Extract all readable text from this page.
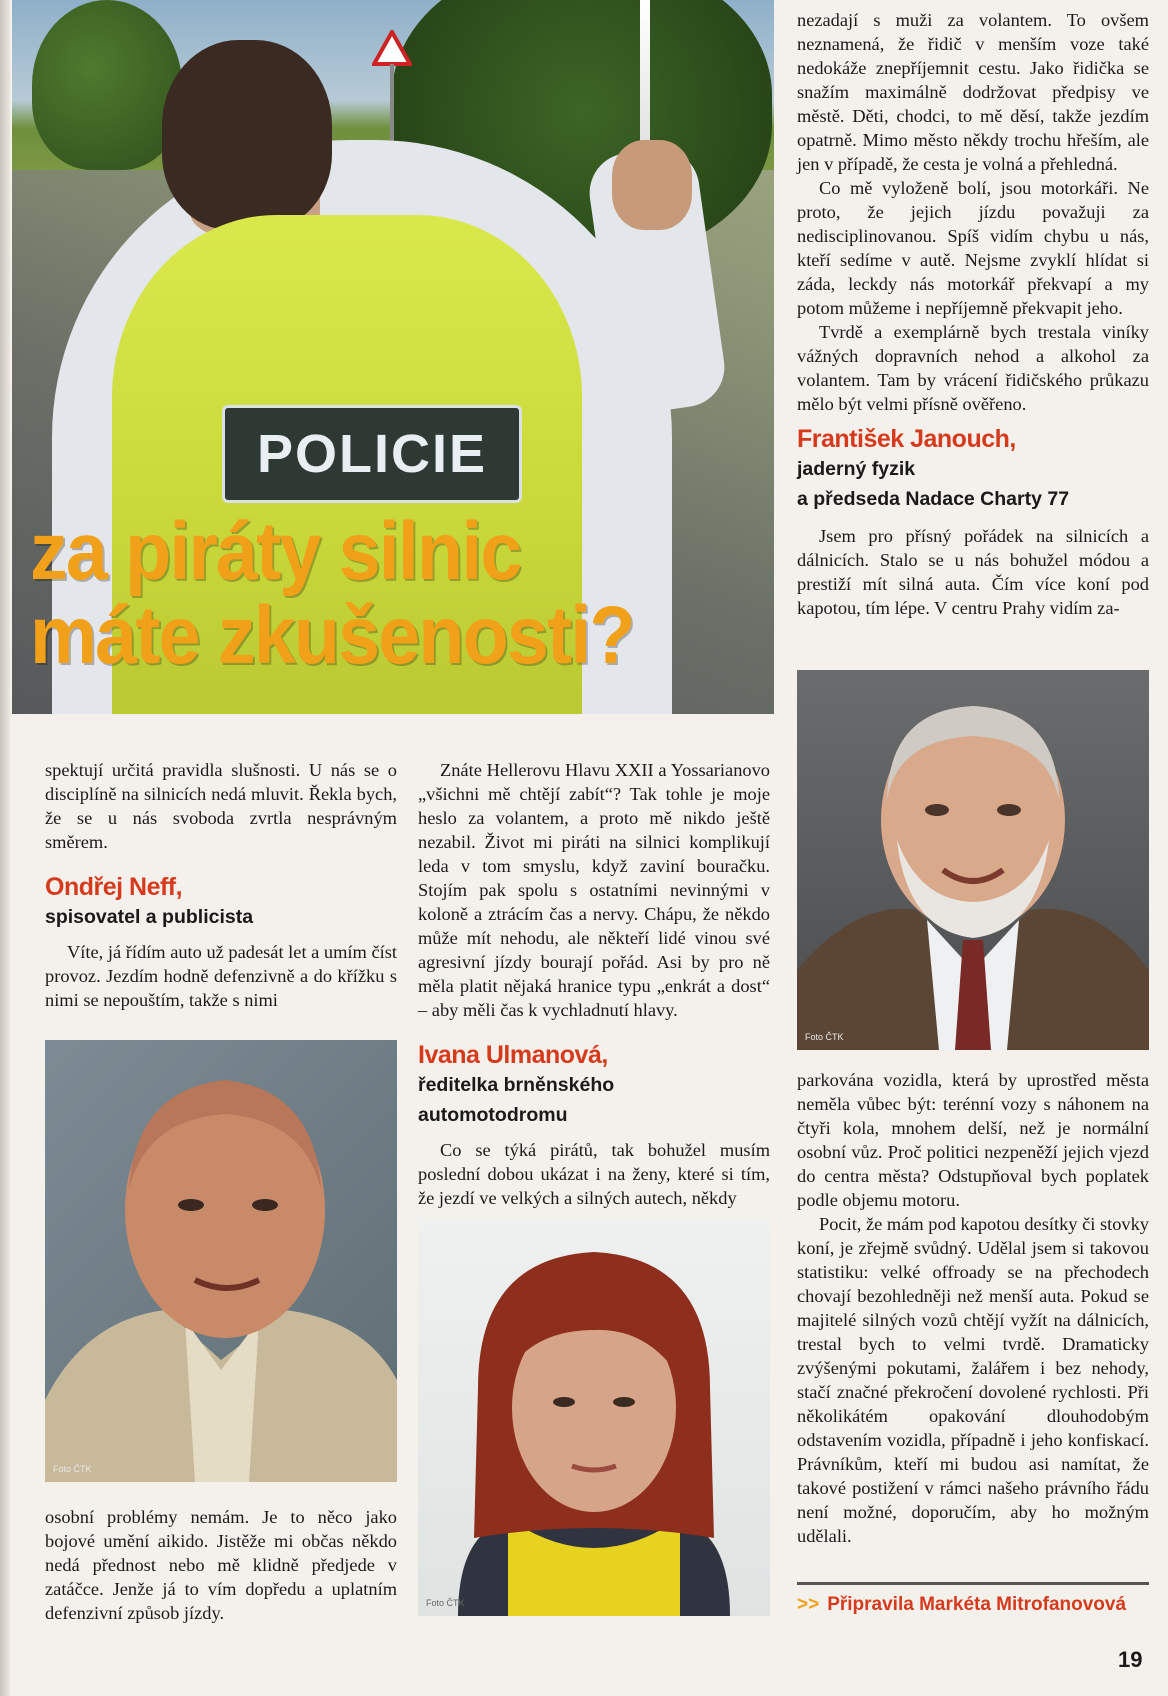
POLICIE
za piráty silnic
máte zkušenosti?

nezadají s muži za volantem. To ovšem neznamená, že řidič v menším voze také nedokáže znepříjemnit cestu. Jako řidička se snažím maximálně dodržovat předpisy ve městě. Děti, chodci, to mě děsí, takže jezdím opatrně. Mimo město někdy trochu hřeším, ale jen v případě, že cesta je volná a přehledná.

Co mě vyloženě bolí, jsou motorkáři. Ne proto, že jejich jízdu považuji za nedisciplinovanou. Spíš vidím chybu u nás, kteří sedíme v autě. Nejsme zvyklí hlídat si záda, leckdy nás motorkář překvapí a my potom můžeme i nepříjemně překvapit jeho.

Tvrdě a exemplárně bych trestala viníky vážných dopravních nehod a alkohol za volantem. Tam by vrácení řidičského průkazu mělo být velmi přísně ověřeno.

František Janouch,
jaderný fyzik
a předseda Nadace Charty 77

Jsem pro přísný pořádek na silnicích a dálnicích. Stalo se u nás bohužel módou a prestiží mít silná auta. Čím více koní pod kapotou, tím lépe. V centru Prahy vidím za-

Foto ČTK

parkována vozidla, která by uprostřed města neměla vůbec být: terénní vozy s náhonem na čtyři kola, mnohem delší, než je normální osobní vůz. Proč politici nezpeněží jejich vjezd do centra města? Odstupňoval bych poplatek podle objemu motoru.

Pocit, že mám pod kapotou desítky či stovky koní, je zřejmě svůdný. Udělal jsem si takovou statistiku: velké offroady se na přechodech chovají bezohledněji než menší auta. Pokud se majitelé silných vozů chtějí vyžít na dálnicích, trestal bych to velmi tvrdě. Dramaticky zvýšenými pokutami, žalářem i bez nehody, stačí značné překročení dovolené rychlosti. Při několikátém opakování dlouhodobým odstavením vozidla, případně i jeho konfiskací. Právníkům, kteří mi budou asi namítat, že takové postižení v rámci našeho právního řádu není možné, doporučím, aby ho možným udělali.

spektují určitá pravidla slušnosti. U nás se o disciplíně na silnicích nedá mluvit. Řekla bych, že se u nás svoboda zvrtla nesprávným směrem.

Ondřej Neff,
spisovatel a publicista

Víte, já řídím auto už padesát let a umím číst provoz. Jezdím hodně defenzivně a do křížku s nimi se nepouštím, takže s nimi

Foto ČTK

osobní problémy nemám. Je to něco jako bojové umění aikido. Jistěže mi občas někdo nedá přednost nebo mě klidně předjede v zatáčce. Jenže já to vím dopředu a uplatním defenzivní způsob jízdy.

Znáte Hellerovu Hlavu XXII a Yossarianovo „všichni mě chtějí zabít“? Tak tohle je moje heslo za volantem, a proto mě nikdo ještě nezabil. Život mi piráti na silnici komplikují leda v tom smyslu, když zaviní bouračku. Stojím pak spolu s ostatními nevinnými v koloně a ztrácím čas a nervy. Chápu, že někdo může mít nehodu, ale někteří lidé vinou své agresivní jízdy bourají pořád. Asi by pro ně měla platit nějaká hranice typu „enkrát a dost“ – aby měli čas k vychladnutí hlavy.

Ivana Ulmanová,
ředitelka brněnského
automotodromu

Co se týká pirátů, tak bohužel musím poslední dobou ukázat i na ženy, které si tím, že jezdí ve velkých a silných autech, někdy

Foto ČTK	>> Připravila Markéta Mitrofanovová
19
